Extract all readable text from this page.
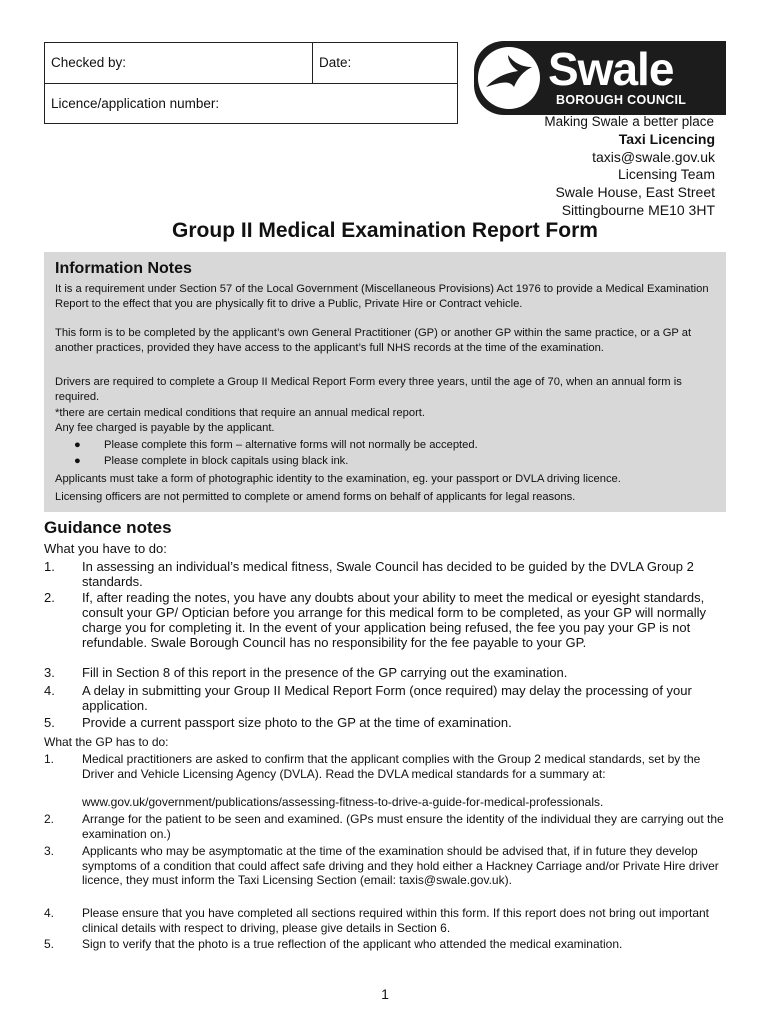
Checked by:	Date:
Licence/application number:
Swale
BOROUGH COUNCIL
Making Swale a better place
Taxi Licencing
taxis@swale.gov.uk
Licensing Team
Swale House, East Street
Sittingbourne ME10 3HT
Group II Medical Examination Report Form
Information Notes

It is a requirement under Section 57 of the Local Government (Miscellaneous Provisions) Act 1976 to provide a Medical Examination Report to the effect that you are physically fit to drive a Public, Private Hire or Contract vehicle.

This form is to be completed by the applicant’s own General Practitioner (GP) or another GP within the same practice, or a GP at another practices, provided they have access to the applicant’s full NHS records at the time of the examination.

Drivers are required to complete a Group II Medical Report Form every three years, until the age of 70, when an annual form is required.

*there are certain medical conditions that require an annual medical report.

Any fee charged is payable by the applicant.

● Please complete this form – alternative forms will not normally be accepted.
● Please complete in block capitals using black ink.

Applicants must take a form of photographic identity to the examination, eg. your passport or DVLA driving licence.

Licensing officers are not permitted to complete or amend forms on behalf of applicants for legal reasons.

Guidance notes
What you have to do:
1.	In assessing an individual’s medical fitness, Swale Council has decided to be guided by the DVLA Group 2 standards.
2.	If, after reading the notes, you have any doubts about your ability to meet the medical or eyesight standards, consult your GP/ Optician before you arrange for this medical form to be completed, as your GP will normally charge you for completing it. In the event of your application being refused, the fee you pay your GP is not refundable. Swale Borough Council has no responsibility for the fee payable to your GP.
3.	Fill in Section 8 of this report in the presence of the GP carrying out the examination.
4.	A delay in submitting your Group II Medical Report Form (once required) may delay the processing of your application.
5.	Provide a current passport size photo to the GP at the time of examination.
What the GP has to do:
1.	Medical practitioners are asked to confirm that the applicant complies with the Group 2 medical standards, set by the Driver and Vehicle Licensing Agency (DVLA). Read the DVLA medical standards for a summary at:
www.gov.uk/government/publications/assessing-fitness-to-drive-a-guide-for-medical-professionals.
2.	Arrange for the patient to be seen and examined. (GPs must ensure the identity of the individual they are carrying out the examination on.)
3.	Applicants who may be asymptomatic at the time of the examination should be advised that, if in future they develop symptoms of a condition that could affect safe driving and they hold either a Hackney Carriage and/or Private Hire driver licence, they must inform the Taxi Licensing Section (email: taxis@swale.gov.uk).
4.	Please ensure that you have completed all sections required within this form. If this report does not bring out important clinical details with respect to driving, please give details in Section 6.
5.	Sign to verify that the photo is a true reflection of the applicant who attended the medical examination.
1
